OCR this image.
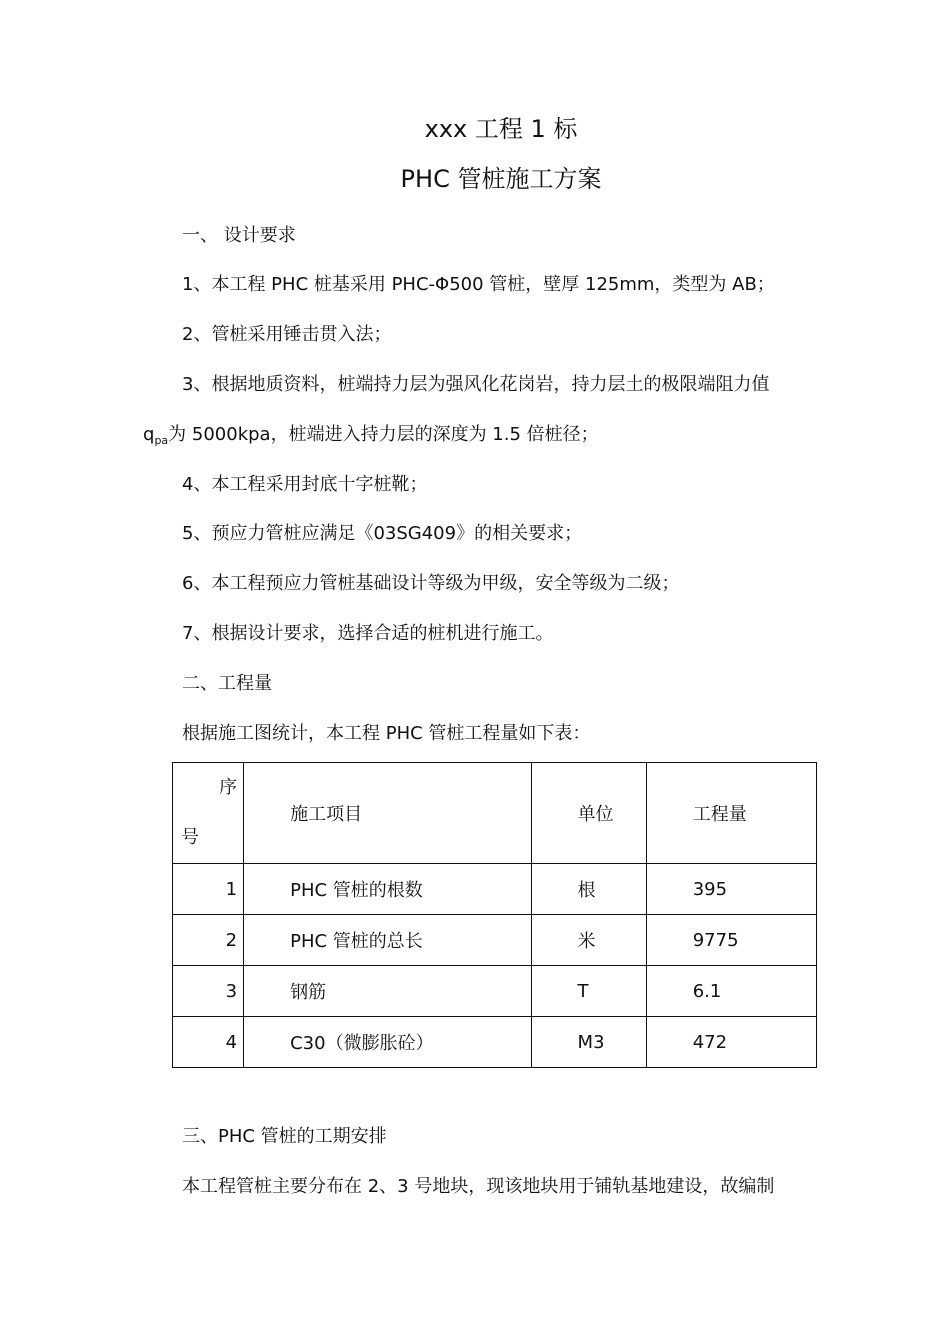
xxx 工程 1 标
PHC 管桩施工方案
一、 设计要求
1、本工程 PHC 桩基采用 PHC-Φ500 管桩，壁厚 125mm，类型为 AB；
2、管桩采用锤击贯入法；
3、根据地质资料，桩端持力层为强风化花岗岩，持力层土的极限端阻力值
$q_{pa}$为 5000kpa，桩端进入持力层的深度为 1.5 倍桩径；
4、本工程采用封底十字桩靴；
5、预应力管桩应满足《03SG409》的相关要求；
6、本工程预应力管桩基础设计等级为甲级，安全等级为二级；
7、根据设计要求，选择合适的桩机进行施工。
二、工程量
根据施工图统计，本工程 PHC 管桩工程量如下表：
序
号	施工项目	单位	工程量
1	PHC 管桩的根数	根	395
2	PHC 管桩的总长	米	9775
3	钢筋	T	6.1
4	C30（微膨胀砼）	M3	472
三、PHC 管桩的工期安排
本工程管桩主要分布在 2、3 号地块，现该地块用于铺轨基地建设，故编制
